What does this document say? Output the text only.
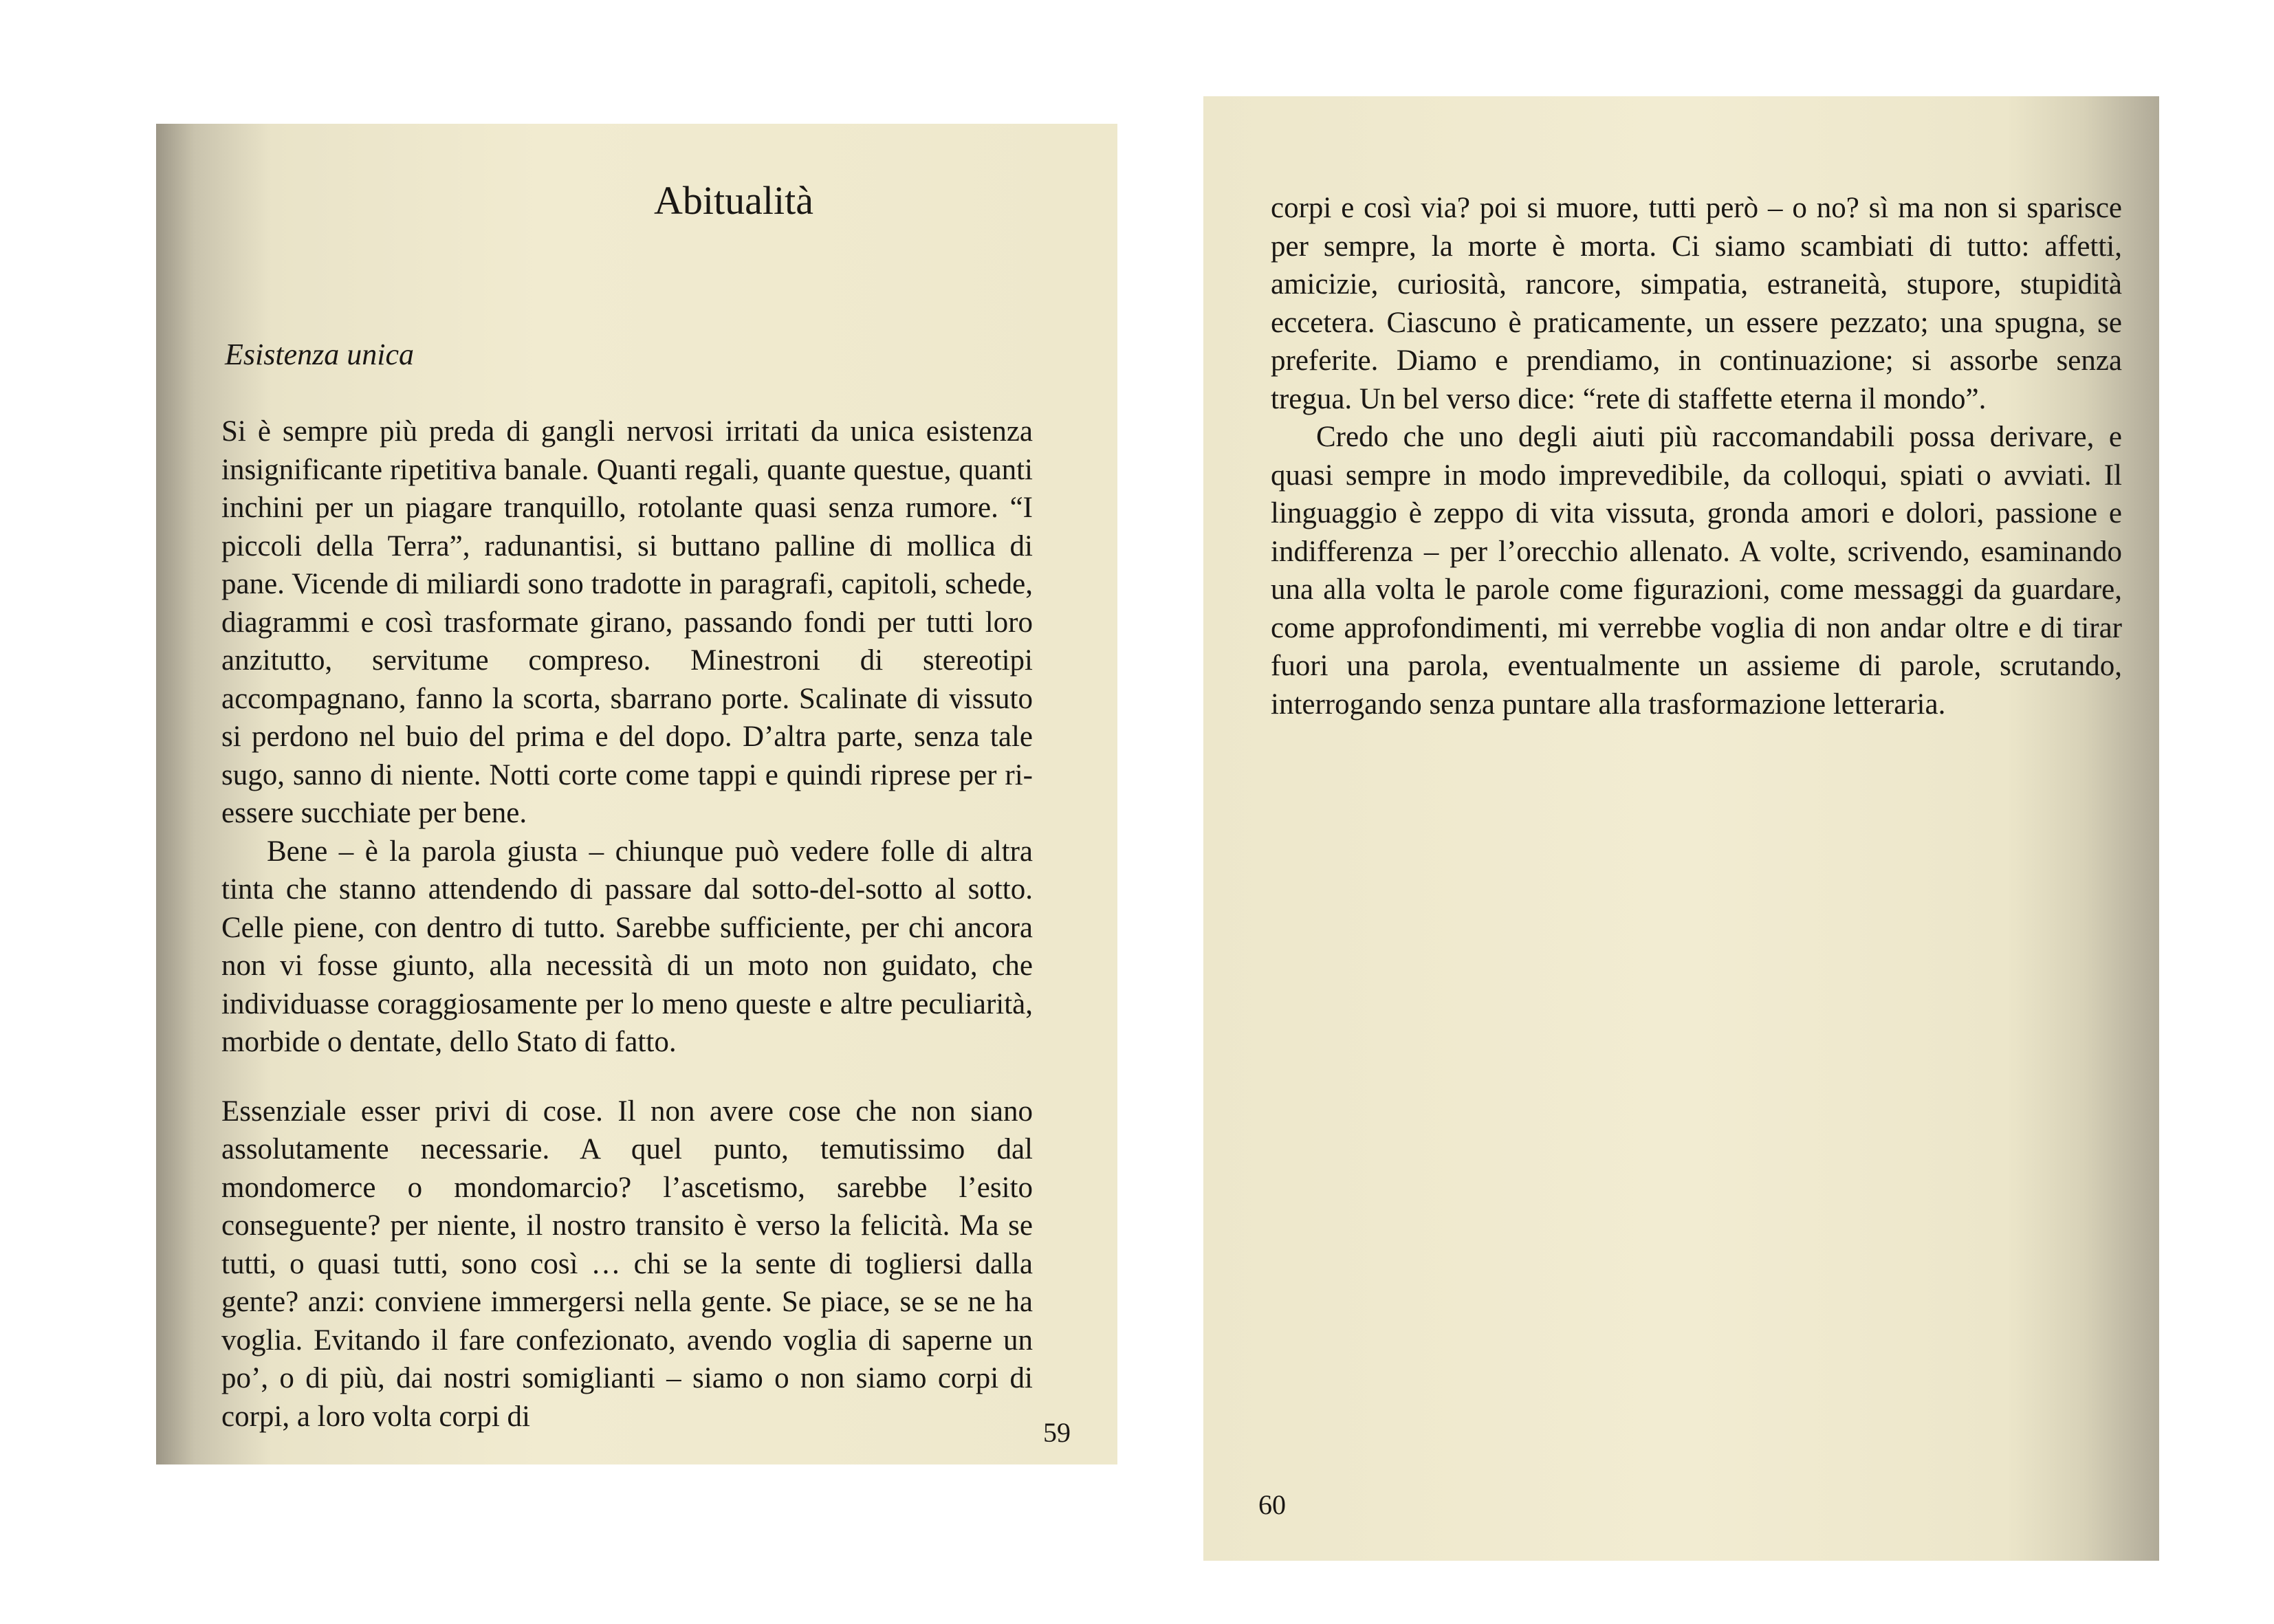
Abitualità
Esistenza unica

Si è sempre più preda di gangli nervosi irritati da unica esistenza insignificante ripetitiva banale. Quanti regali, quante questue, quanti inchini per un piagare tranquillo, rotolante quasi senza rumore. “I piccoli della Terra”, radunantisi, si buttano palline di mollica di pane. Vicende di miliardi sono tradotte in paragrafi, capitoli, schede, diagrammi e così trasformate girano, passando fondi per tutti loro anzitutto, servitume compreso. Minestroni di stereotipi accompagnano, fanno la scorta, sbarrano porte. Scalinate di vissuto si perdono nel buio del prima e del dopo. D’altra parte, senza tale sugo, sanno di niente. Notti corte come tappi e quindi riprese per ri-essere succhiate per bene.

Bene – è la parola giusta – chiunque può vedere folle di altra tinta che stanno attendendo di passare dal sotto-del-sotto al sotto. Celle piene, con dentro di tutto. Sarebbe sufficiente, per chi ancora non vi fosse giunto, alla necessità di un moto non guidato, che individuasse coraggiosamente per lo meno queste e altre peculiarità, morbide o dentate, dello Stato di fatto.

Essenziale esser privi di cose. Il non avere cose che non siano assolutamente necessarie. A quel punto, temutissimo dal mondomerce o mondomarcio? l’ascetismo, sarebbe l’esito conseguente? per niente, il nostro transito è verso la felicità. Ma se tutti, o quasi tutti, sono così … chi se la sente di togliersi dalla gente? anzi: conviene immergersi nella gente. Se piace, se se ne ha voglia. Evitando il fare confezionato, avendo voglia di saperne un po’, o di più, dai nostri somiglianti – siamo o non siamo corpi di corpi, a loro volta corpi di	59

corpi e così via? poi si muore, tutti però – o no? sì ma non si sparisce per sempre, la morte è morta. Ci siamo scambiati di tutto: affetti, amicizie, curiosità, rancore, simpatia, estraneità, stupore, stupidità eccetera. Ciascuno è praticamente, un essere pezzato; una spugna, se preferite. Diamo e prendiamo, in continuazione; si assorbe senza tregua. Un bel verso dice: “rete di staffette eterna il mondo”.

Credo che uno degli aiuti più raccomandabili possa derivare, e quasi sempre in modo imprevedibile, da colloqui, spiati o avviati. Il linguaggio è zeppo di vita vissuta, gronda amori e dolori, passione e indifferenza – per l’orecchio allenato. A volte, scrivendo, esaminando una alla volta le parole come figurazioni, come messaggi da guardare, come approfondimenti, mi verrebbe voglia di non andar oltre e di tirar fuori una parola, eventualmente un assieme di parole, scrutando, interrogando senza puntare alla trasformazione letteraria.

60
